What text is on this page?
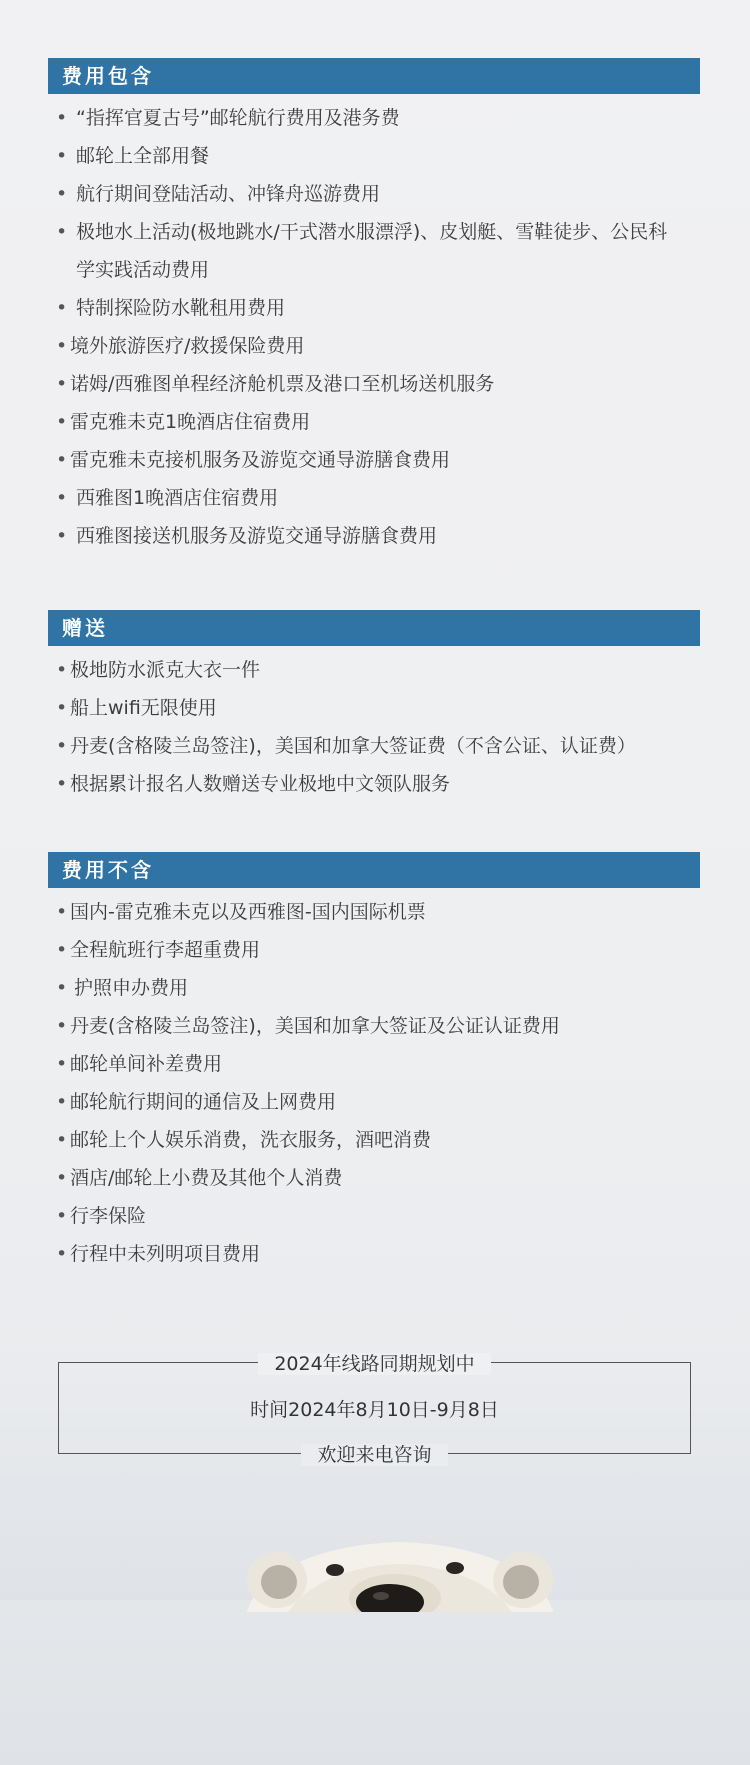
费用包含
• “指挥官夏古号”邮轮航行费用及港务费
• 邮轮上全部用餐
• 航行期间登陆活动、冲锋舟巡游费用
• 极地水上活动(极地跳水/干式潜水服漂浮)、皮划艇、雪鞋徒步、公民科学实践活动费用
• 特制探险防水靴租用费用
• 境外旅游医疗/救援保险费用
• 诺姆/西雅图单程经济舱机票及港口至机场送机服务
• 雷克雅未克1晚酒店住宿费用
• 雷克雅未克接机服务及游览交通导游膳食费用
• 西雅图1晚酒店住宿费用
• 西雅图接送机服务及游览交通导游膳食费用
赠送
• 极地防水派克大衣一件
• 船上wifi无限使用
• 丹麦(含格陵兰岛签注)，美国和加拿大签证费（不含公证、认证费）
• 根据累计报名人数赠送专业极地中文领队服务
费用不含
• 国内-雷克雅未克以及西雅图-国内国际机票
• 全程航班行李超重费用
• 护照申办费用
• 丹麦(含格陵兰岛签注)，美国和加拿大签证及公证认证费用
• 邮轮单间补差费用
• 邮轮航行期间的通信及上网费用
• 邮轮上个人娱乐消费，洗衣服务，酒吧消费
• 酒店/邮轮上小费及其他个人消费
• 行李保险
• 行程中未列明项目费用
2024年线路同期规划中
时间2024年8月10日-9月8日
欢迎来电咨询
